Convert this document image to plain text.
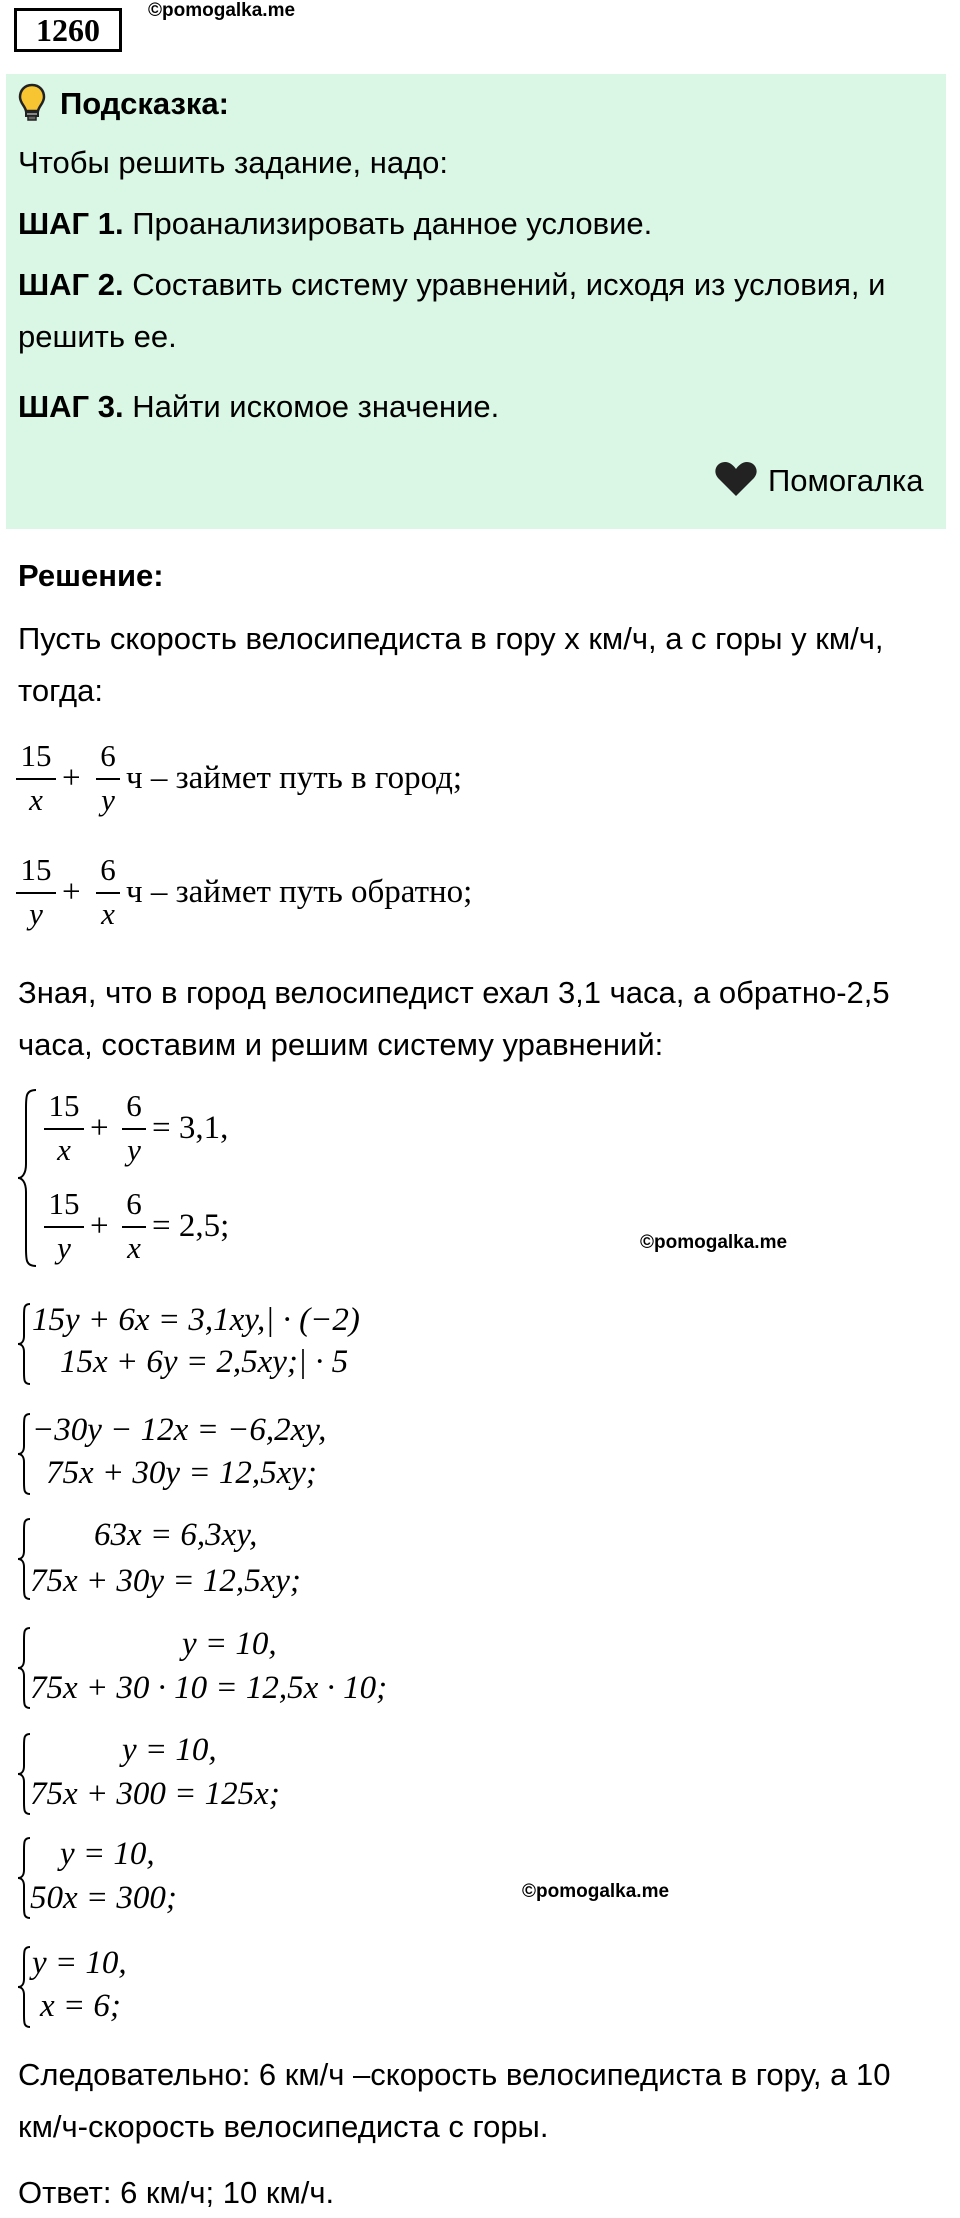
1260
©pomogalka.me
Подсказка:
Чтобы решить задание, надо:
ШАГ 1. Проанализировать данное условие.
ШАГ 2. Составить систему уравнений, исходя из условия, и
решить ее.
ШАГ 3. Найти искомое значение.
Помогалка
Решение:
Пусть скорость велосипедиста в гору x км/ч, а с горы y км/ч,
тогда:
15
x
+
6
y
ч – займет путь в город;
15
y
+
6
x
ч – займет путь обратно;
Зная, что в город велосипедист ехал 3,1 часа, а обратно-2,5
часа, составим и решим систему уравнений:
15
x
+
6
y
= 3,1,
15
y
+
6
x
= 2,5;	©pomogalka.me
15y + 6x = 3,1xy,| · (−2)
15x + 6y = 2,5xy;| · 5
−30y − 12x = −6,2xy,
75x + 30y = 12,5xy;
63x = 6,3xy,
75x + 30y = 12,5xy;
y = 10,
75x + 30 · 10 = 12,5x · 10;
y = 10,
75x + 300 = 125x;
y = 10,
50x = 300;	©pomogalka.me
y = 10,
x = 6;
Следовательно: 6 км/ч –скорость велосипедиста в гору, а 10
км/ч-скорость велосипедиста с горы.
Ответ: 6 км/ч; 10 км/ч.
